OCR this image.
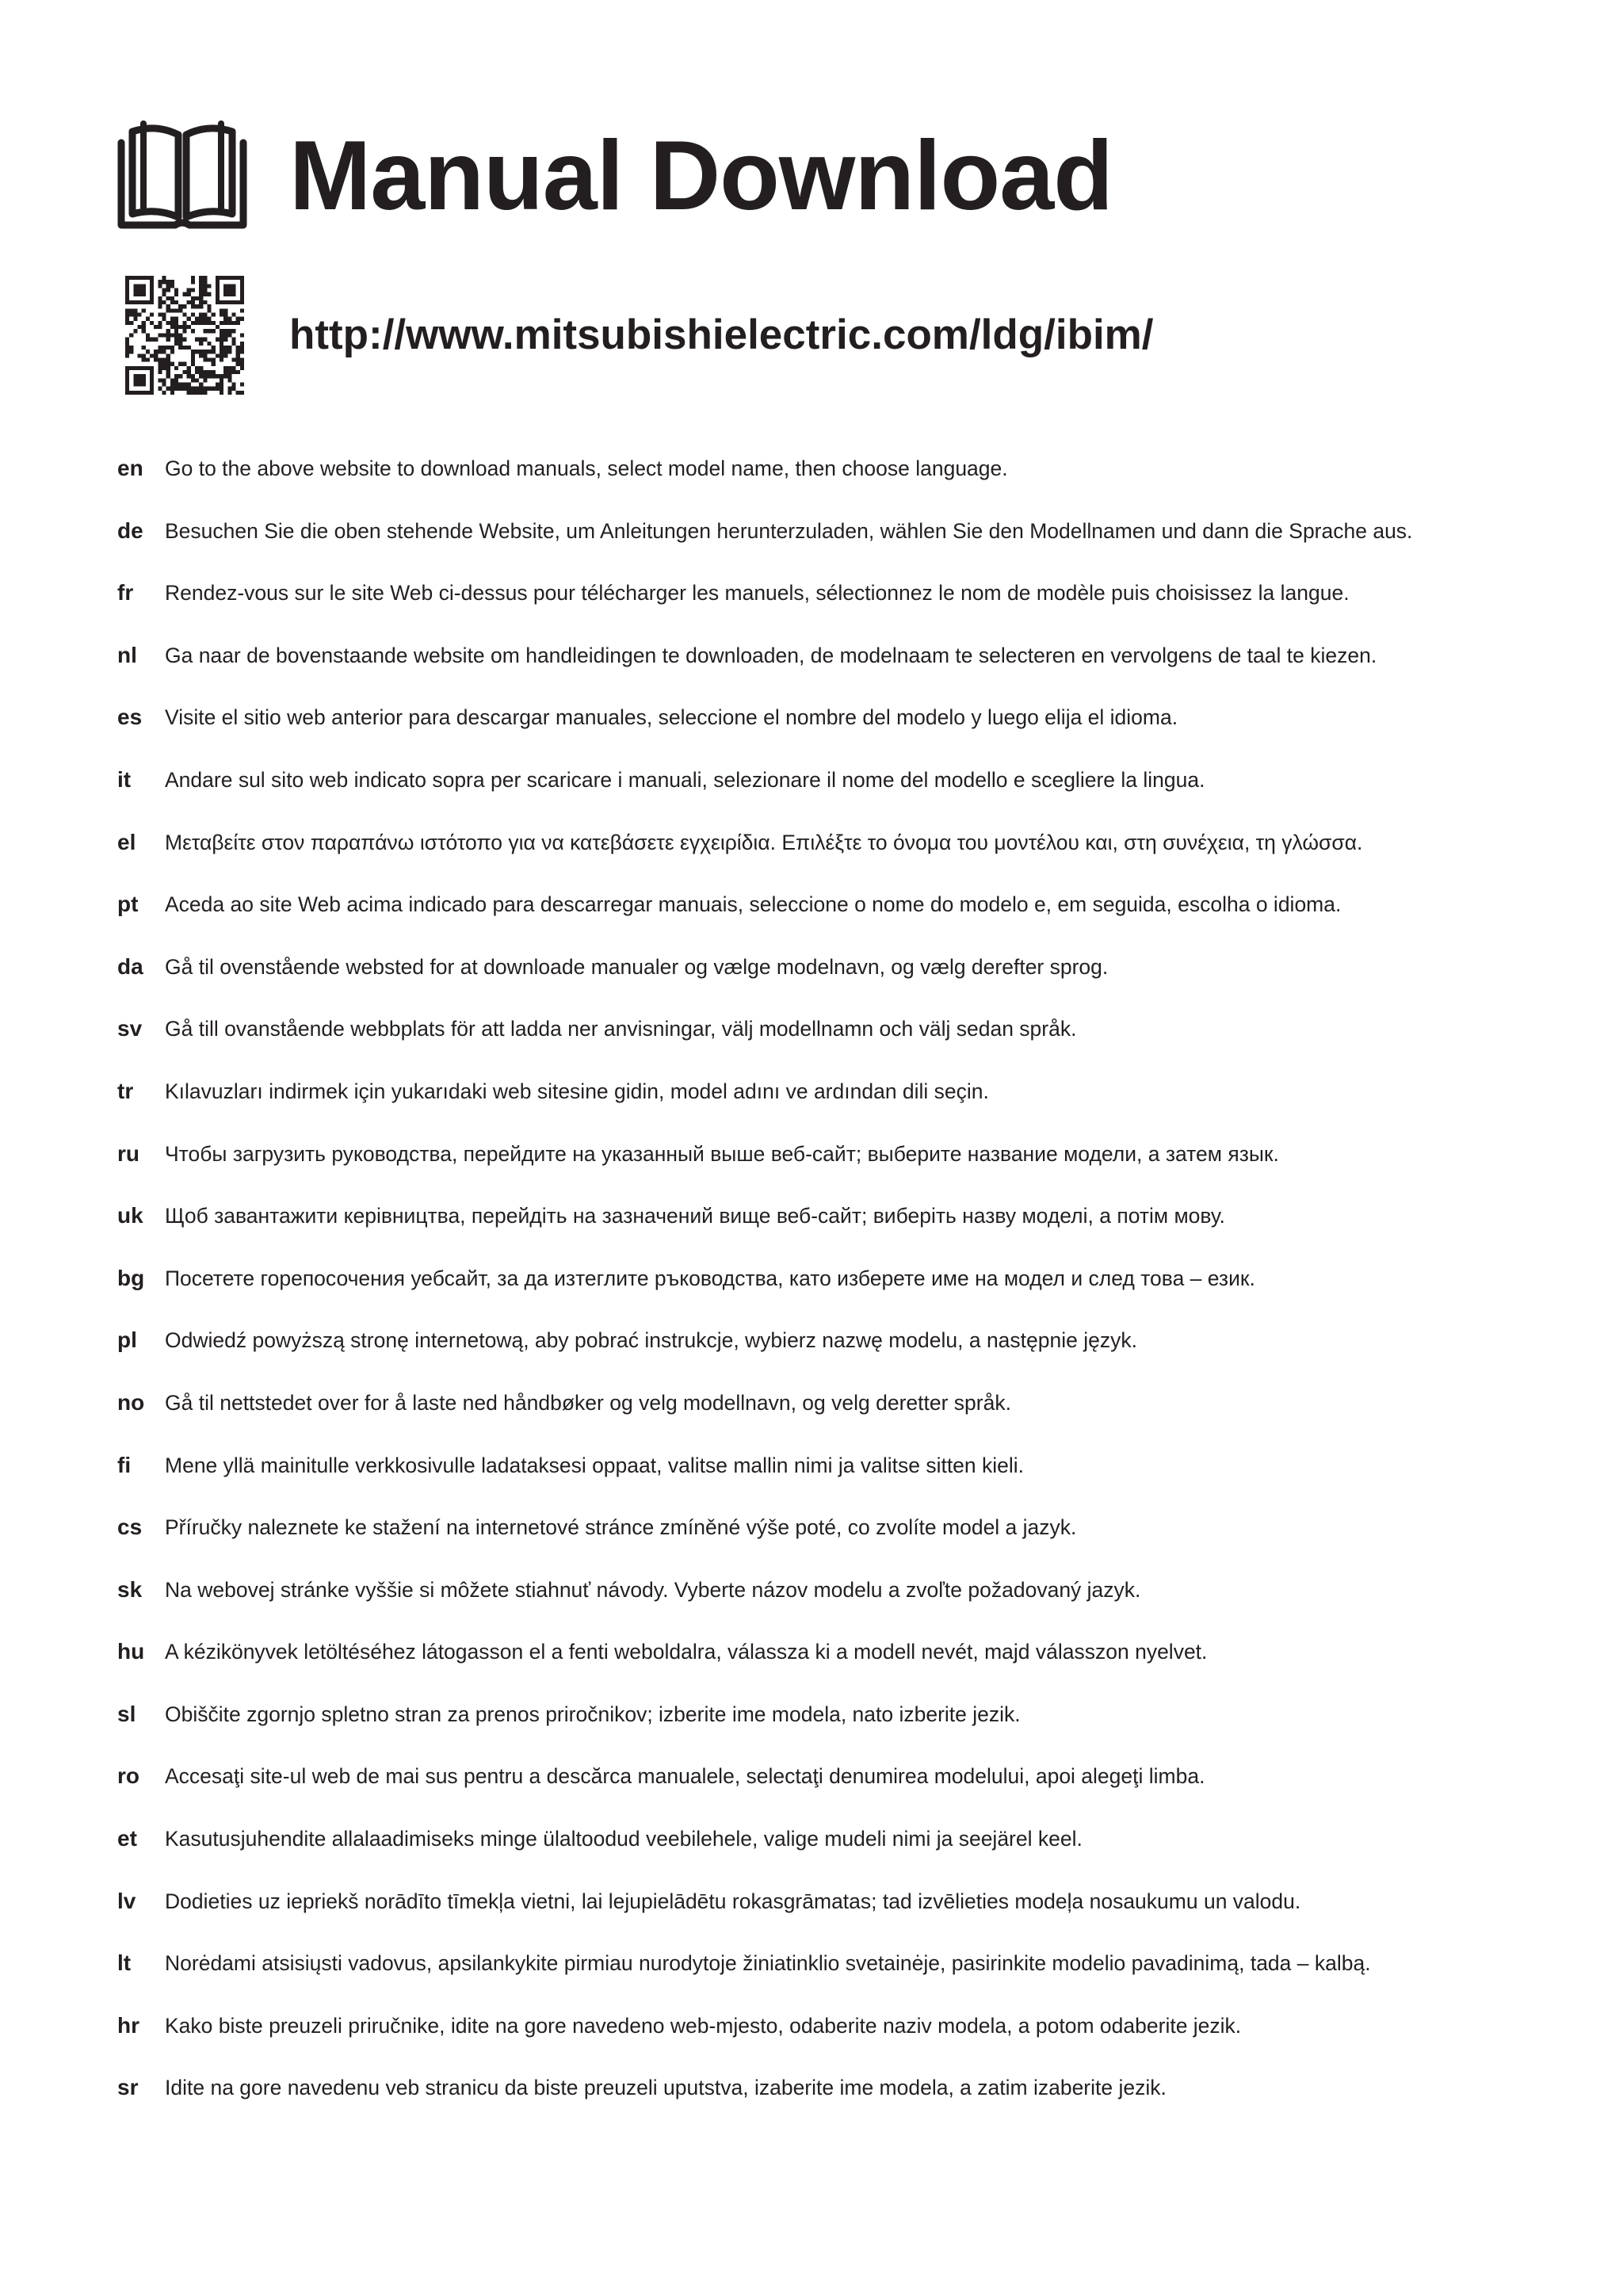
Manual Download
http://www.mitsubishielectric.com/ldg/ibim/
en	Go to the above website to download manuals, select model name, then choose language.
de	Besuchen Sie die oben stehende Website, um Anleitungen herunterzuladen, wählen Sie den Modellnamen und dann die Sprache aus.
fr	Rendez-vous sur le site Web ci-dessus pour télécharger les manuels, sélectionnez le nom de modèle puis choisissez la langue.
nl	Ga naar de bovenstaande website om handleidingen te downloaden, de modelnaam te selecteren en vervolgens de taal te kiezen.
es	Visite el sitio web anterior para descargar manuales, seleccione el nombre del modelo y luego elija el idioma.
it	Andare sul sito web indicato sopra per scaricare i manuali, selezionare il nome del modello e scegliere la lingua.
el	Μεταβείτε στον παραπάνω ιστότοπο για να κατεβάσετε εγχειρίδια. Επιλέξτε το όνομα του μοντέλου και, στη συνέχεια, τη γλώσσα.
pt	Aceda ao site Web acima indicado para descarregar manuais, seleccione o nome do modelo e, em seguida, escolha o idioma.
da	Gå til ovenstående websted for at downloade manualer og vælge modelnavn, og vælg derefter sprog.
sv	Gå till ovanstående webbplats för att ladda ner anvisningar, välj modellnamn och välj sedan språk.
tr	Kılavuzları indirmek için yukarıdaki web sitesine gidin, model adını ve ardından dili seçin.
ru	Чтобы загрузить руководства, перейдите на указанный выше веб-сайт; выберите название модели, а затем язык.
uk	Щоб завантажити керівництва, перейдіть на зазначений вище веб-сайт; виберіть назву моделі, а потім мову.
bg Посетете горепосочения уебсайт, за да изтеглите ръководства, като изберете име на модел и след това – език.
pl	Odwiedź powyższą stronę internetową, aby pobrać instrukcje, wybierz nazwę modelu, a następnie język.
no Gå til nettstedet over for å laste ned håndbøker og velg modellnavn, og velg deretter språk.
fi	Mene yllä mainitulle verkkosivulle ladataksesi oppaat, valitse mallin nimi ja valitse sitten kieli.
cs	Příručky naleznete ke stažení na internetové stránce zmíněné výše poté, co zvolíte model a jazyk.
sk	Na webovej stránke vyššie si môžete stiahnuť návody. Vyberte názov modelu a zvoľte požadovaný jazyk.
hu A kézikönyvek letöltéséhez látogasson el a fenti weboldalra, válassza ki a modell nevét, majd válasszon nyelvet.
sl	Obiščite zgornjo spletno stran za prenos priročnikov; izberite ime modela, nato izberite jezik.
ro	Accesaţi site-ul web de mai sus pentru a descărca manualele, selectaţi denumirea modelului, apoi alegeţi limba.
et	Kasutusjuhendite allalaadimiseks minge ülaltoodud veebilehele, valige mudeli nimi ja seejärel keel.
lv	Dodieties uz iepriekš norādīto tīmekļa vietni, lai lejupielādētu rokasgrāmatas; tad izvēlieties modeļa nosaukumu un valodu.
lt	Norėdami atsisiųsti vadovus, apsilankykite pirmiau nurodytoje žiniatinklio svetainėje, pasirinkite modelio pavadinimą, tada – kalbą.
hr	Kako biste preuzeli priručnike, idite na gore navedeno web-mjesto, odaberite naziv modela, a potom odaberite jezik.
sr	Idite na gore navedenu veb stranicu da biste preuzeli uputstva, izaberite ime modela, a zatim izaberite jezik.
